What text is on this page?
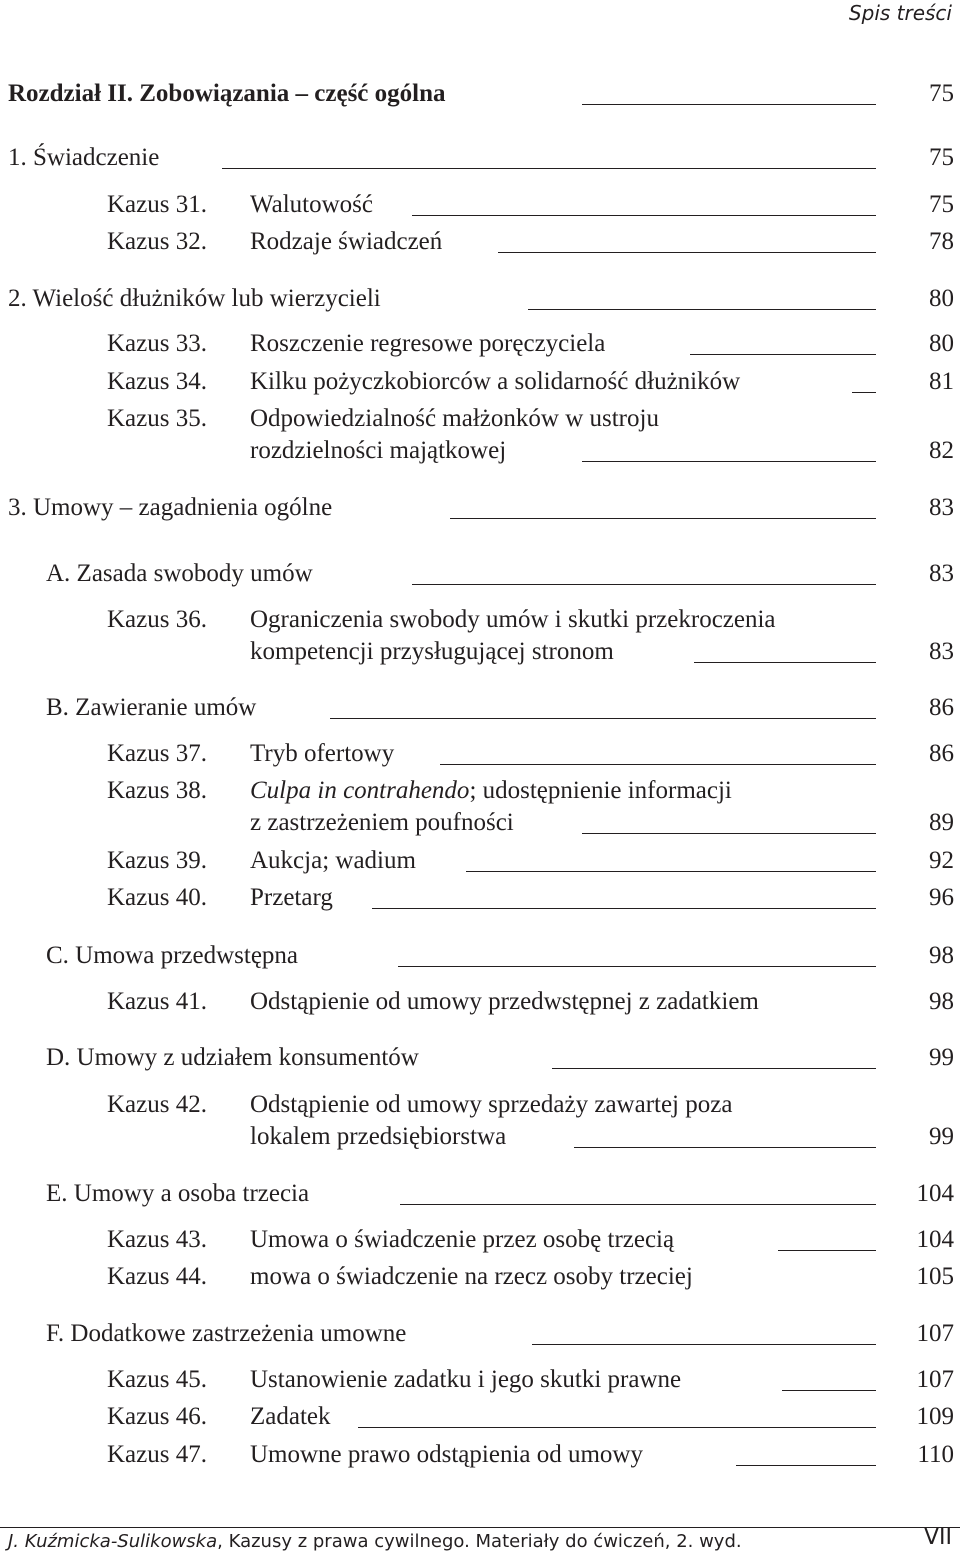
Spis treści
Rozdział II. Zobowiązania – część ogólna	75
1. Świadczenie	75
Kazus 31. Walutowość	75
Kazus 32. Rodzaje świadczeń	78
2. Wielość dłużników lub wierzycieli	80
Kazus 33. Roszczenie regresowe poręczyciela	80
Kazus 34. Kilku pożyczkobiorców a solidarność dłużników	81
Kazus 35. Odpowiedzialność małżonków w ustroju
rozdzielności majątkowej	82
3. Umowy – zagadnienia ogólne	83
A. Zasada swobody umów	83
Kazus 36. Ograniczenia swobody umów i skutki przekroczenia
kompetencji przysługującej stronom	83
B. Zawieranie umów	86
Kazus 37. Tryb ofertowy	86
Kazus 38. Culpa in contrahendo; udostępnienie informacji
z zastrzeżeniem poufności	89
Kazus 39. Aukcja; wadium	92
Kazus 40. Przetarg	96
C. Umowa przedwstępna	98
Kazus 41. Odstąpienie od umowy przedwstępnej z zadatkiem	98
D. Umowy z udziałem konsumentów	99
Kazus 42. Odstąpienie od umowy sprzedaży zawartej poza
lokalem przedsiębiorstwa	99
E. Umowy a osoba trzecia	104
Kazus 43. Umowa o świadczenie przez osobę trzecią	104
Kazus 44. mowa o świadczenie na rzecz osoby trzeciej	105
F. Dodatkowe zastrzeżenia umowne	107
Kazus 45. Ustanowienie zadatku i jego skutki prawne	107
Kazus 46. Zadatek	109
Kazus 47. Umowne prawo odstąpienia od umowy	110
J. Kuźmicka-Sulikowska, Kazusy z prawa cywilnego. Materiały do ćwiczeń, 2. wyd.	VII
